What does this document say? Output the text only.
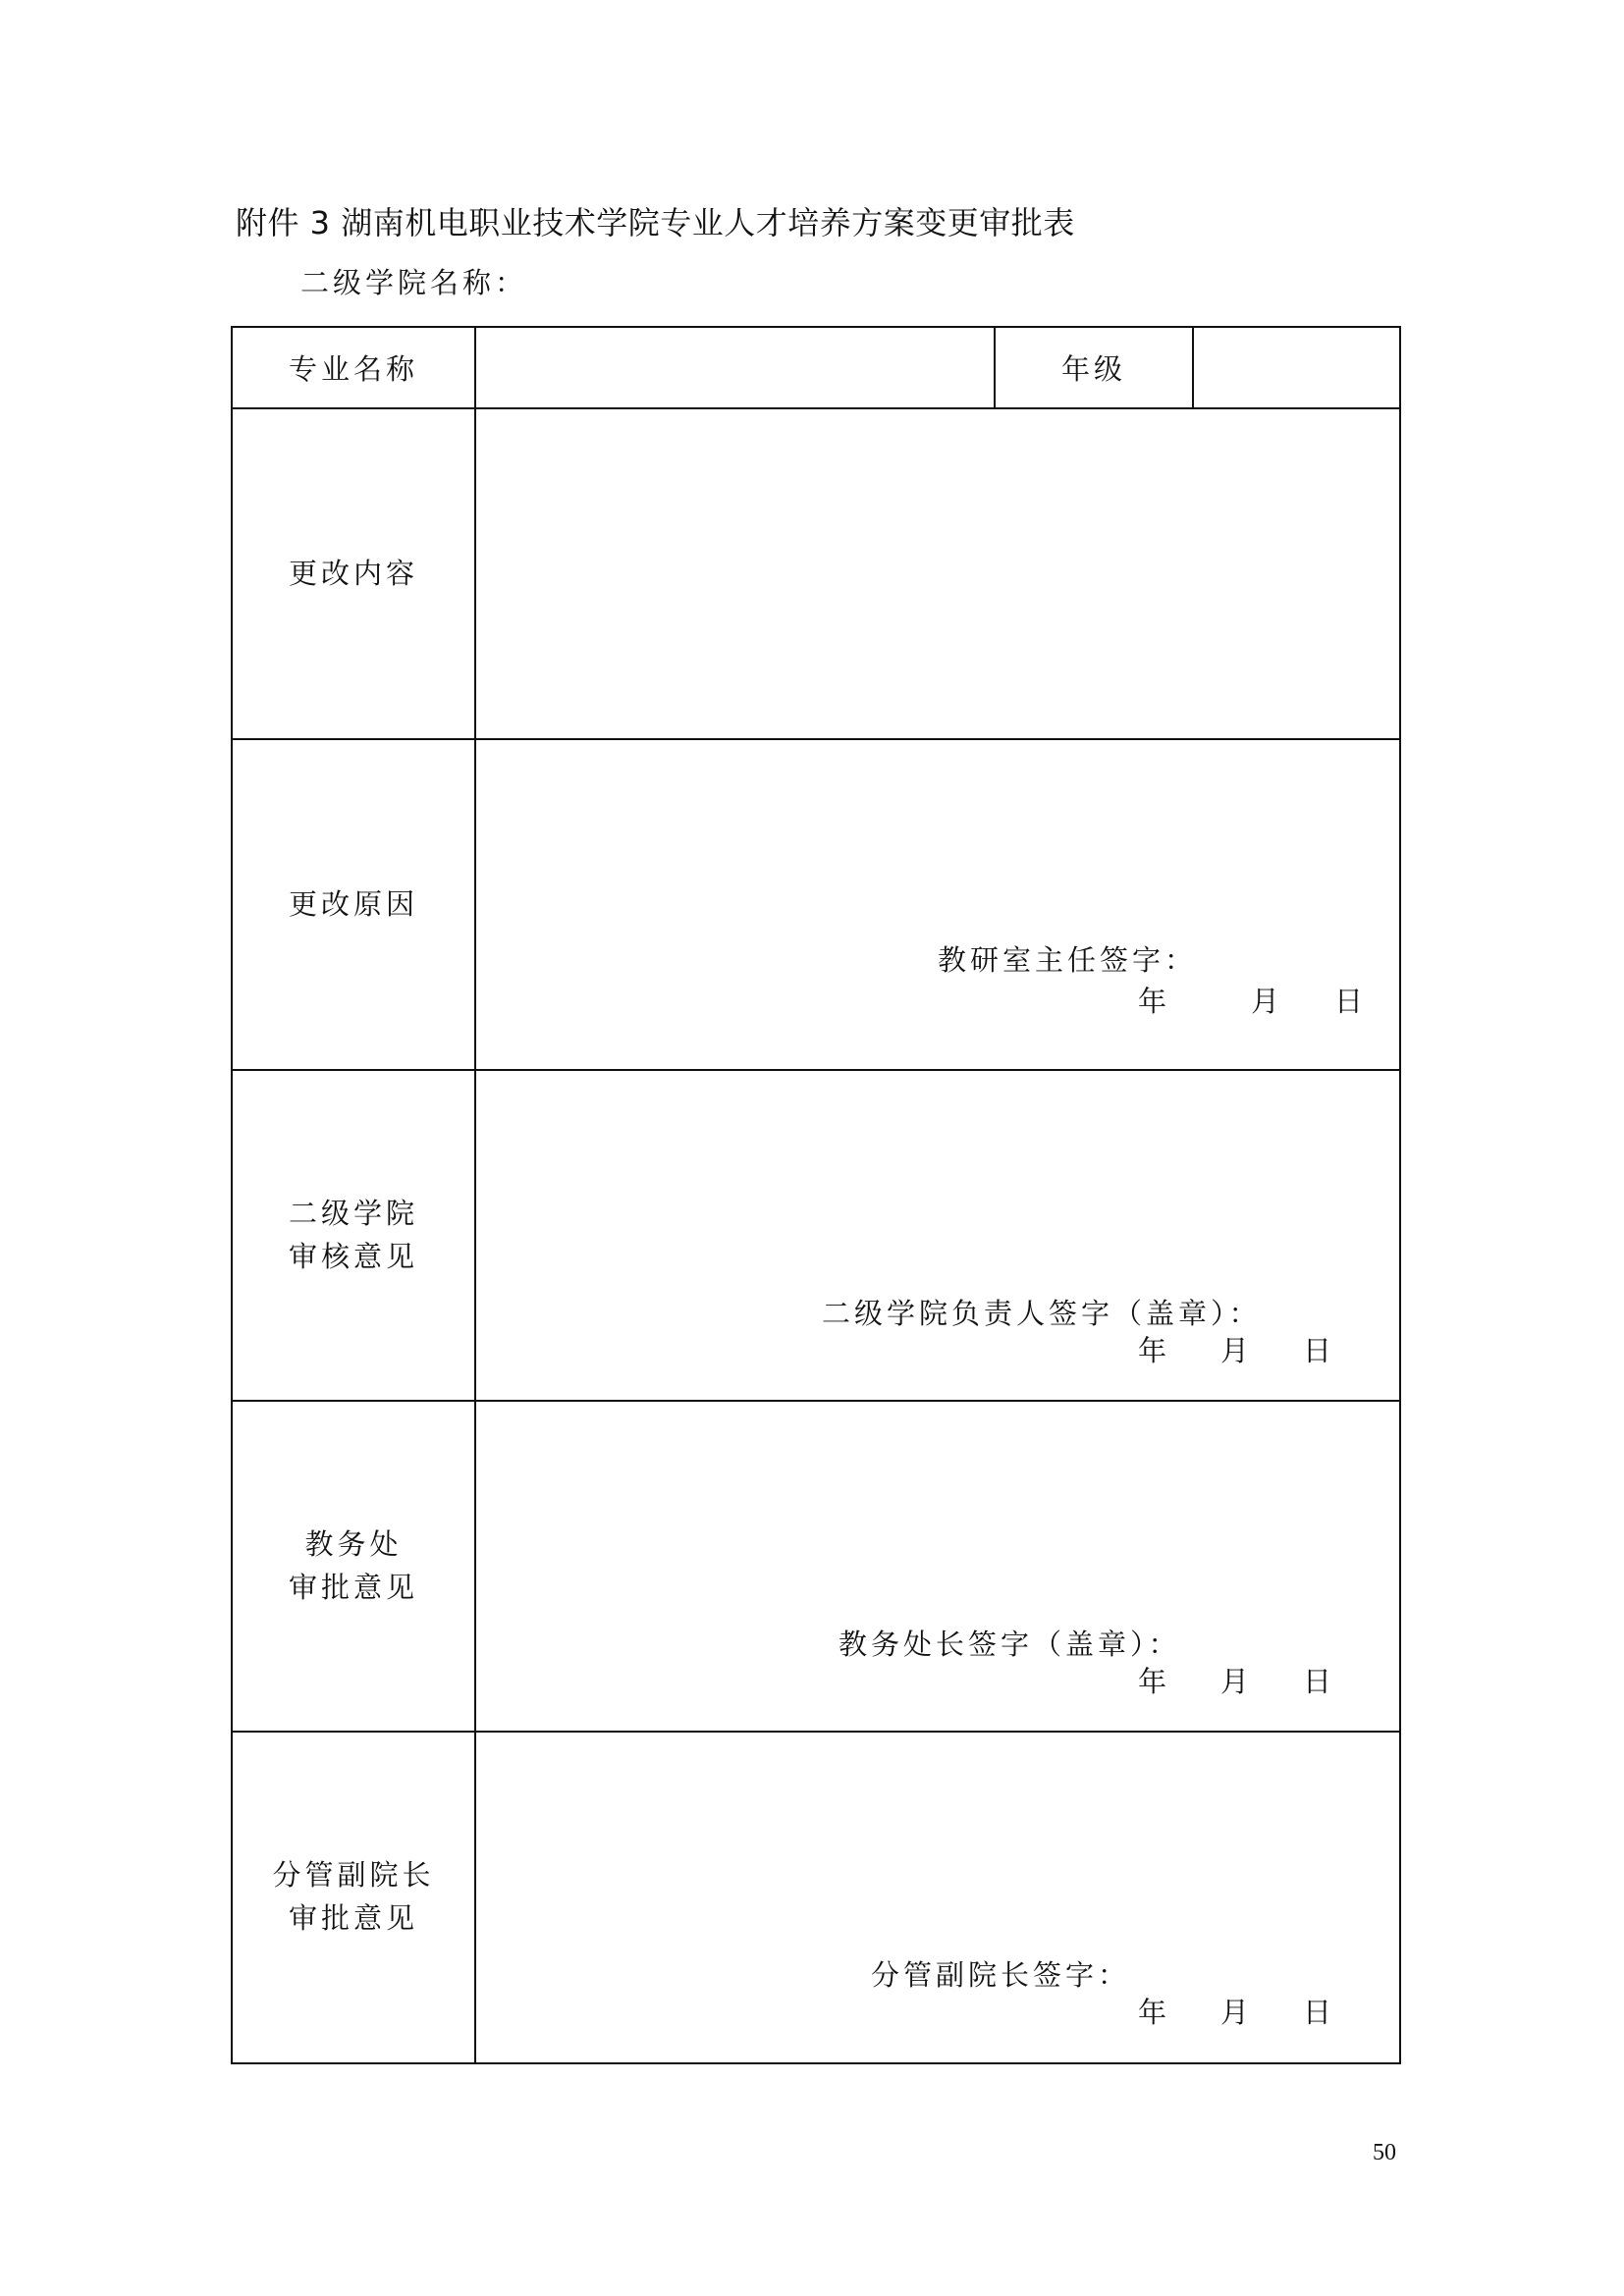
附件 3 湖南机电职业技术学院专业人才培养方案变更审批表
二级学院名称：
专业名称	年级
更改内容
更改原因
教研室主任签字：
年	月 日
二级学院
审核意见
二级学院负责人签字（盖章）：
年 月 日
教务处
审批意见
教务处长签字（盖章）：
年 月 日
分管副院长
审批意见
分管副院长签字：
年 月 日
50
